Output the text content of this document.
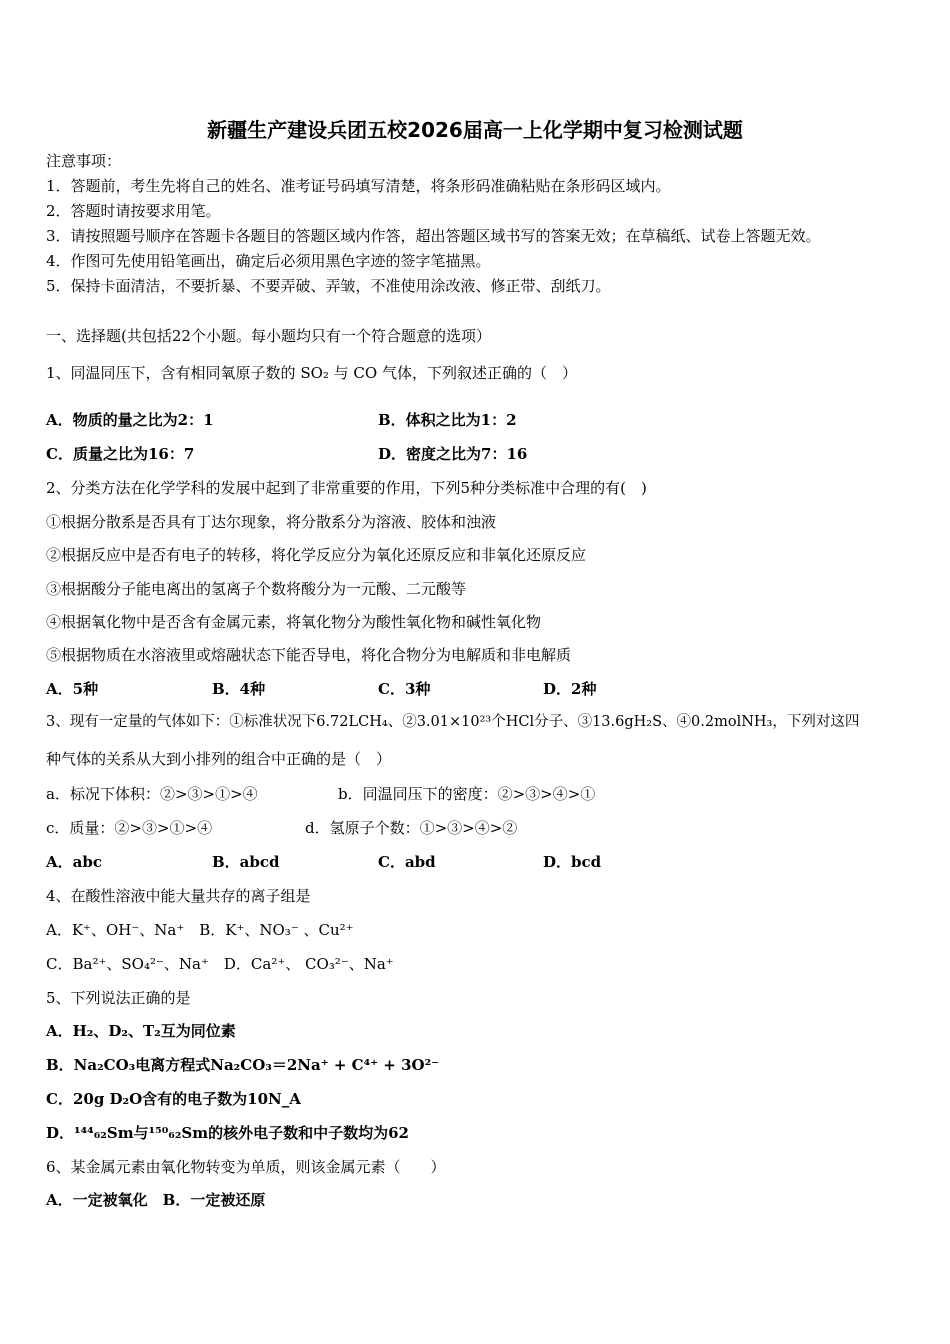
新疆生产建设兵团五校2026届高一上化学期中复习检测试题
注意事项：
1．答题前，考生先将自己的姓名、准考证号码填写清楚，将条形码准确粘贴在条形码区域内。
2．答题时请按要求用笔。
3．请按照题号顺序在答题卡各题目的答题区域内作答，超出答题区域书写的答案无效；在草稿纸、试卷上答题无效。
4．作图可先使用铅笔画出，确定后必须用黑色字迹的签字笔描黑。
5．保持卡面清洁，不要折暴、不要弄破、弄皱，不准使用涂改液、修正带、刮纸刀。
一、选择题(共包括22个小题。每小题均只有一个符合题意的选项）
1、同温同压下，含有相同氧原子数的 SO₂ 与 CO 气体，下列叙述正确的（　）
A．物质的量之比为2：1	B．体积之比为1：2
C．质量之比为16：7	D．密度之比为7：16
2、分类方法在化学学科的发展中起到了非常重要的作用，下列5种分类标准中合理的有(　)
①根据分散系是否具有丁达尔现象，将分散系分为溶液、胶体和浊液
②根据反应中是否有电子的转移，将化学反应分为氧化还原反应和非氧化还原反应
③根据酸分子能电离出的氢离子个数将酸分为一元酸、二元酸等
④根据氧化物中是否含有金属元素，将氧化物分为酸性氧化物和碱性氧化物
⑤根据物质在水溶液里或熔融状态下能否导电，将化合物分为电解质和非电解质
A．5种	B．4种	C．3种	D．2种
3、现有一定量的气体如下：①标准状况下6.72LCH₄、②3.01×10²³个HCl分子、③13.6gH₂S、④0.2molNH₃，下列对这四
种气体的关系从大到小排列的组合中正确的是（　）
a．标况下体积：②>③>①>④	b．同温同压下的密度：②>③>④>①
c．质量：②>③>①>④	d．氢原子个数：①>③>④>②
A．abc	B．abcd	C．abd	D．bcd
4、在酸性溶液中能大量共存的离子组是
A．K⁺、OH⁻、Na⁺　B．K⁺、NO₃⁻ 、Cu²⁺
C．Ba²⁺、SO₄²⁻、Na⁺　D．Ca²⁺、 CO₃²⁻、Na⁺
5、下列说法正确的是
A．H₂、D₂、T₂互为同位素
B．Na₂CO₃电离方程式Na₂CO₃＝2Na⁺ + C⁴⁺ + 3O²⁻
C．20g D₂O含有的电子数为10N_A
D．¹⁴⁴₆₂Sm与¹⁵⁰₆₂Sm的核外电子数和中子数均为62
6、某金属元素由氧化物转变为单质，则该金属元素（　　）
A．一定被氧化　B．一定被还原
